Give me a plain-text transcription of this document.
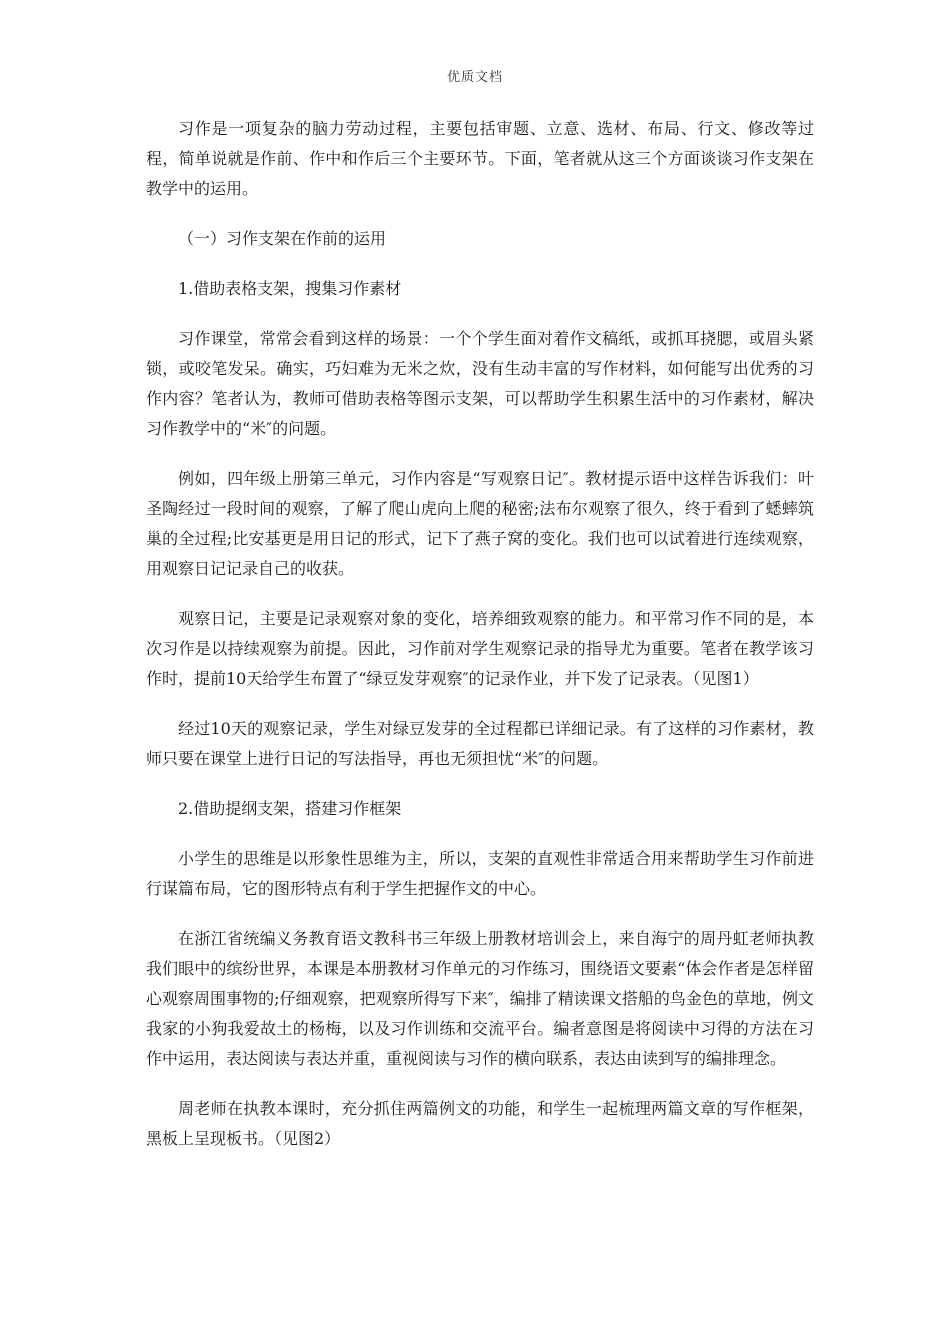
优质文档

习作是一项复杂的脑力劳动过程，主要包括审题、立意、选材、布局、行文、修改等过程，简单说就是作前、作中和作后三个主要环节。下面，笔者就从这三个方面谈谈习作支架在教学中的运用。

（一）习作支架在作前的运用

1.借助表格支架，搜集习作素材

习作课堂，常常会看到这样的场景：一个个学生面对着作文稿纸，或抓耳挠腮，或眉头紧锁，或咬笔发呆。确实，巧妇难为无米之炊，没有生动丰富的写作材料，如何能写出优秀的习作内容？笔者认为，教师可借助表格等图示支架，可以帮助学生积累生活中的习作素材，解决习作教学中的“米″的问题。

例如，四年级上册第三单元，习作内容是“写观察日记″。教材提示语中这样告诉我们：叶圣陶经过一段时间的观察，了解了爬山虎向上爬的秘密;法布尔观察了很久，终于看到了蟋蟀筑巢的全过程;比安基更是用日记的形式，记下了燕子窝的变化。我们也可以试着进行连续观察，用观察日记记录自己的收获。

观察日记，主要是记录观察对象的变化，培养细致观察的能力。和平常习作不同的是，本次习作是以持续观察为前提。因此，习作前对学生观察记录的指导尤为重要。笔者在教学该习作时，提前10天给学生布置了“绿豆发芽观察″的记录作业，并下发了记录表。（见图1）

经过10天的观察记录，学生对绿豆发芽的全过程都已详细记录。有了这样的习作素材，教师只要在课堂上进行日记的写法指导，再也无须担忧“米″的问题。

2.借助提纲支架，搭建习作框架

小学生的思维是以形象性思维为主，所以，支架的直观性非常适合用来帮助学生习作前进行谋篇布局，它的图形特点有利于学生把握作文的中心。

在浙江省统编义务教育语文教科书三年级上册教材培训会上，来自海宁的周丹虹老师执教我们眼中的缤纷世界，本课是本册教材习作单元的习作练习，围绕语文要素“体会作者是怎样留心观察周围事物的;仔细观察，把观察所得写下来″，编排了精读课文搭船的鸟金色的草地，例文我家的小狗我爱故土的杨梅，以及习作训练和交流平台。编者意图是将阅读中习得的方法在习作中运用，表达阅读与表达并重，重视阅读与习作的横向联系，表达由读到写的编排理念。

周老师在执教本课时，充分抓住两篇例文的功能，和学生一起梳理两篇文章的写作框架，黑板上呈现板书。（见图2）
